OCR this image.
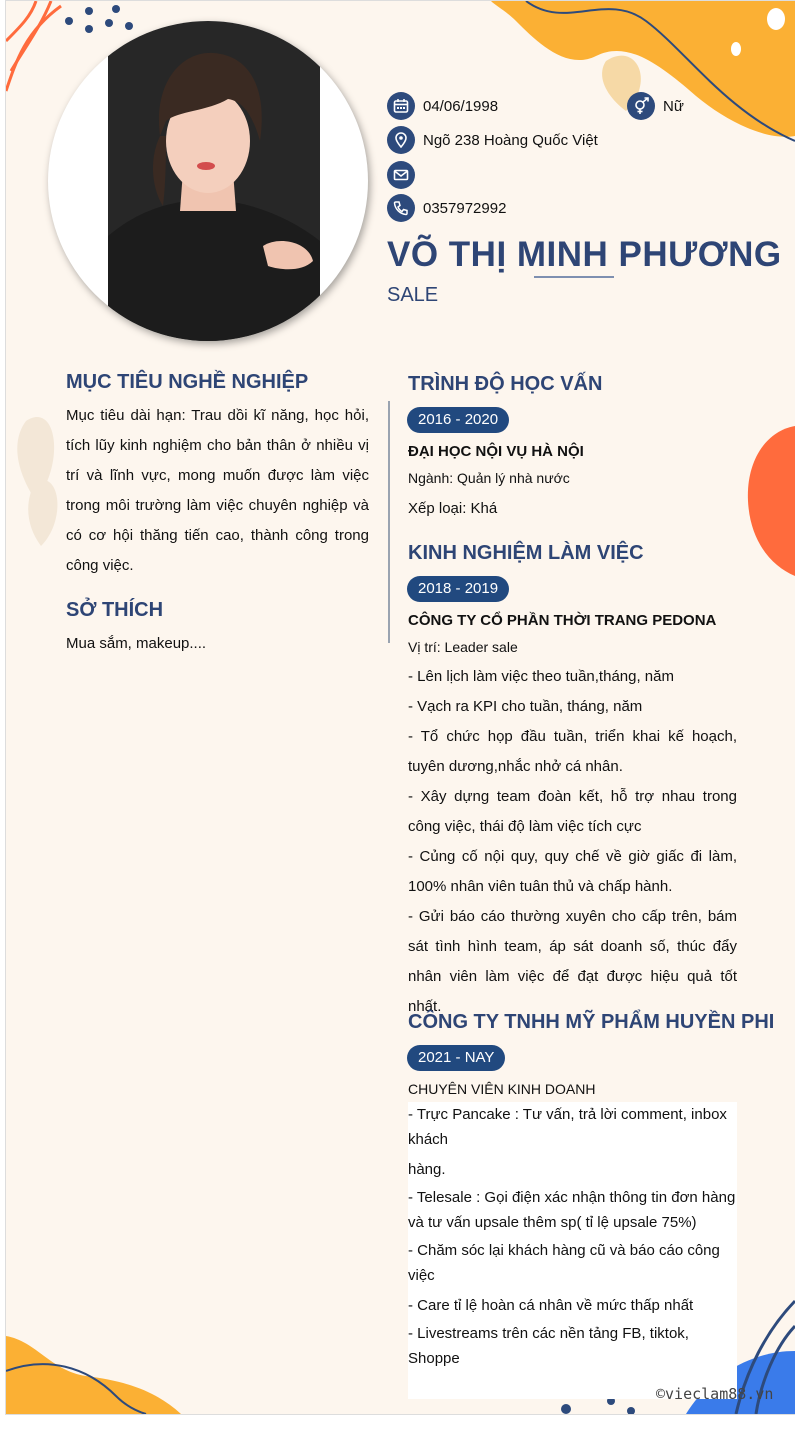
04/06/1998	Nữ
Ngõ 238 Hoàng Quốc Việt
0357972992
VÕ THỊ MINH PHƯƠNG
SALE
MỤC TIÊU NGHỀ NGHIỆP
Mục tiêu dài hạn: Trau dồi kĩ năng, học hỏi, tích lũy kinh nghiệm cho bản thân ở nhiều vị trí và lĩnh vực, mong muốn được làm việc trong môi trường làm việc chuyên nghiệp và có cơ hội thăng tiến cao, thành công trong công việc.
SỞ THÍCH
Mua sắm, makeup....
TRÌNH ĐỘ HỌC VẤN
2016 - 2020
ĐẠI HỌC NỘI VỤ HÀ NỘI
Ngành: Quản lý nhà nước
Xếp loại: Khá
KINH NGHIỆM LÀM VIỆC
2018 - 2019
CÔNG TY CỔ PHẦN THỜI TRANG PEDONA
Vị trí: Leader sale
- Lên lịch làm việc theo tuần,tháng, năm
- Vạch ra KPI cho tuần, tháng, năm
- Tổ chức họp đầu tuần, triển khai kế hoạch, tuyên dương,nhắc nhở cá nhân.
- Xây dựng team đoàn kết, hỗ trợ nhau trong công việc, thái độ làm việc tích cực
- Củng cố nội quy, quy chế về giờ giấc đi làm, 100% nhân viên tuân thủ và chấp hành.
- Gửi báo cáo thường xuyên cho cấp trên, bám sát tình hình team, áp sát doanh số, thúc đẩy nhân viên làm việc để đạt được hiệu quả tốt nhất.
CÔNG TY TNHH MỸ PHẨM HUYỀN PHI
2021 - NAY
CHUYÊN VIÊN KINH DOANH
- Trực Pancake : Tư vấn, trả lời comment, inbox khách
hàng.
- Telesale : Gọi điện xác nhận thông tin đơn hàng và tư vấn upsale thêm sp( tỉ lệ upsale 75%)
- Chăm sóc lại khách hàng cũ và báo cáo công việc
- Care tỉ lệ hoàn cá nhân về mức thấp nhất
- Livestreams trên các nền tảng FB, tiktok, Shoppe
©vieclam88.vn
